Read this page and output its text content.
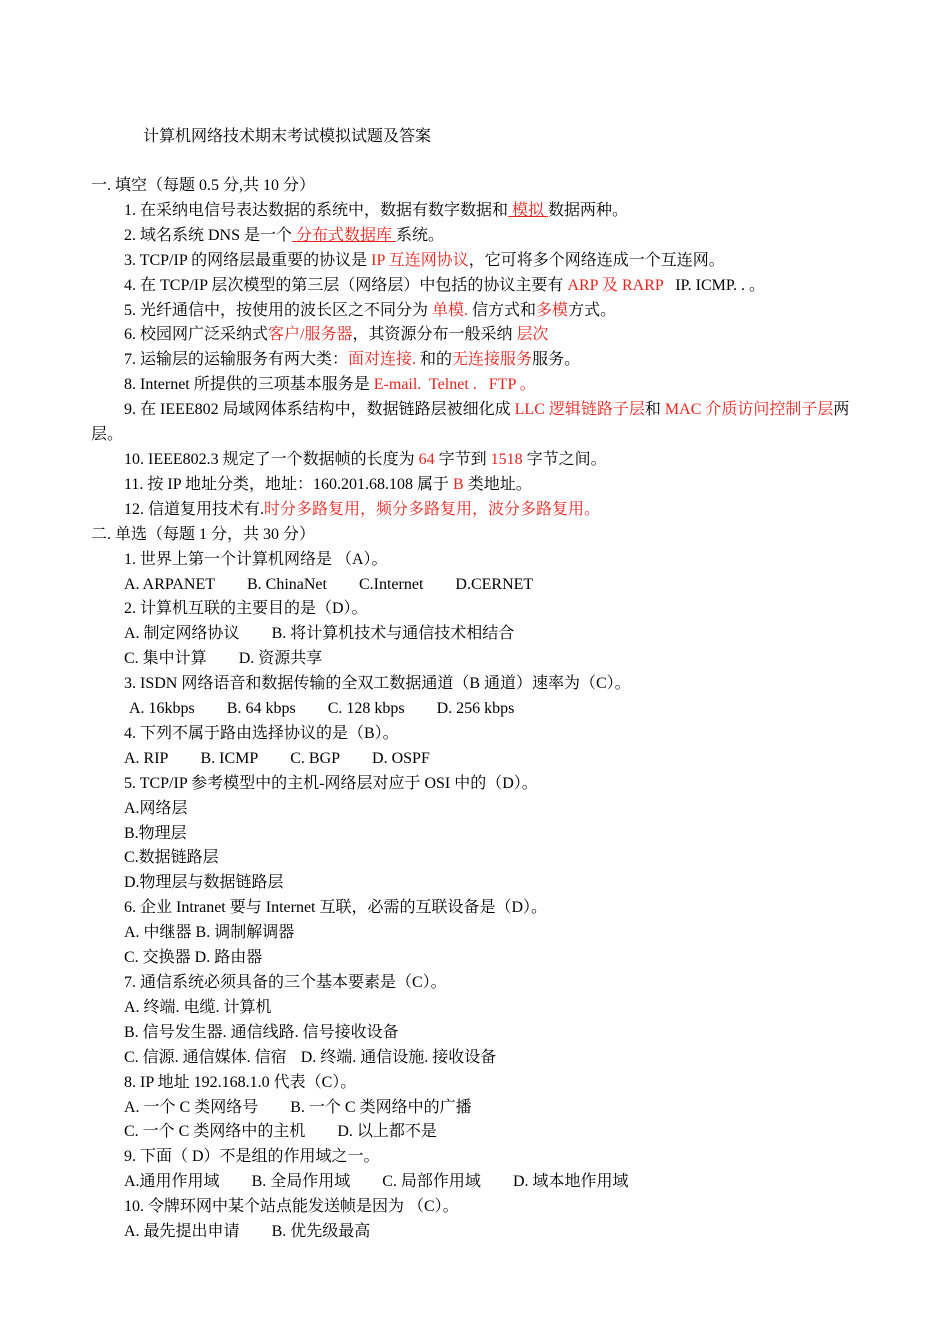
计算机网络技术期末考试模拟试题及答案
一. 填空（每题 0.5 分,共 10 分）
1. 在采纳电信号表达数据的系统中，数据有数字数据和 模拟 数据两种。
2. 域名系统 DNS 是一个 分布式数据库 系统。
3. TCP/IP 的网络层最重要的协议是 IP 互连网协议，它可将多个网络连成一个互连网。
4. 在 TCP/IP 层次模型的第三层（网络层）中包括的协议主要有 ARP 及 RARP   IP. ICMP. . 。
5. 光纤通信中，按使用的波长区之不同分为 单模. 信方式和多模方式。
6. 校园网广泛采纳式客户/服务器，其资源分布一般采纳 层次
7. 运输层的运输服务有两大类：面对连接. 和的无连接服务服务。
8. Internet 所提供的三项基本服务是 E-mail.  Telnet .   FTP 。
9. 在 IEEE802 局域网体系结构中，数据链路层被细化成 LLC 逻辑链路子层和 MAC 介质访问控制子层两层。
10. IEEE802.3 规定了一个数据帧的长度为 64 字节到 1518 字节之间。
11. 按 IP 地址分类，地址：160.201.68.108 属于 B 类地址。
12. 信道复用技术有.时分多路复用，频分多路复用，波分多路复用。
二. 单选（每题 1 分，共 30 分）
1. 世界上第一个计算机网络是 （A）。
A. ARPANET B. ChinaNet C.Internet D.CERNET
2. 计算机互联的主要目的是（D）。
A. 制定网络协议 B. 将计算机技术与通信技术相结合
C. 集中计算 D. 资源共享
3. ISDN 网络语音和数据传输的全双工数据通道（B 通道）速率为（C）。
A. 16kbps B. 64 kbps C. 128 kbps D. 256 kbps
4. 下列不属于路由选择协议的是（B）。
A. RIP B. ICMP C. BGP D. OSPF
5. TCP/IP 参考模型中的主机-网络层对应于 OSI 中的（D）。
A.网络层
B.物理层
C.数据链路层
D.物理层与数据链路层
6. 企业 Intranet 要与 Internet 互联，必需的互联设备是（D）。
A. 中继器 B. 调制解调器
C. 交换器 D. 路由器
7. 通信系统必须具备的三个基本要素是（C）。
A. 终端. 电缆. 计算机
B. 信号发生器. 通信线路. 信号接收设备
C. 信源. 通信媒体. 信宿 D. 终端. 通信设施. 接收设备
8. IP 地址 192.168.1.0 代表（C）。
A. 一个 C 类网络号 B. 一个 C 类网络中的广播
C. 一个 C 类网络中的主机 D. 以上都不是
9. 下面（ D）不是组的作用域之一。
A.通用作用域 B. 全局作用域 C. 局部作用域 D. 域本地作用域
10. 令牌环网中某个站点能发送帧是因为 （C）。
A. 最先提出申请 B. 优先级最高
